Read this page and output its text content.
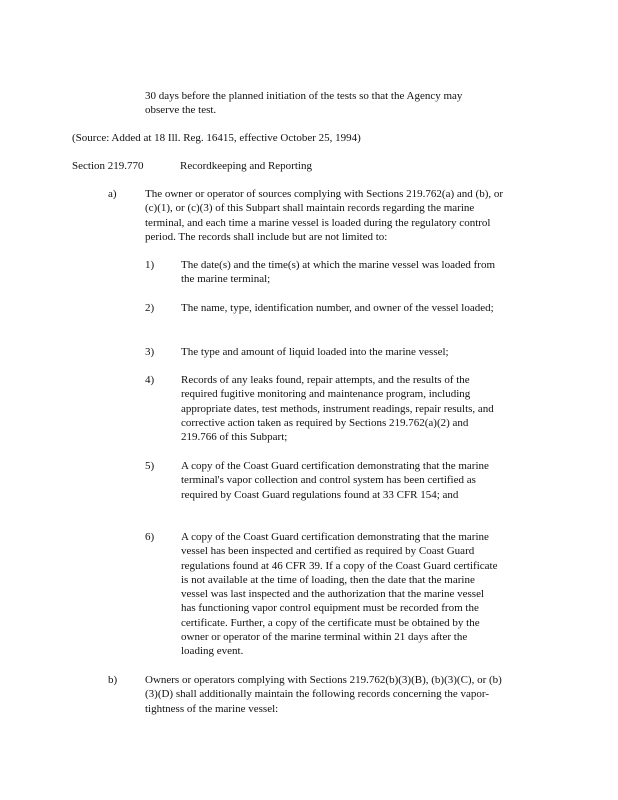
30 days before the planned initiation of the tests so that the Agency may observe the test.

(Source: Added at 18 Ill. Reg. 16415, effective October 25, 1994)

Section 219.770	Recordkeeping and Reporting
a)	The owner or operator of sources complying with Sections 219.762(a) and (b), or (c)(1), or (c)(3) of this Subpart shall maintain records regarding the marine terminal, and each time a marine vessel is loaded during the regulatory control period. The records shall include but are not limited to:

1) The date(s) and the time(s) at which the marine vessel was loaded from the marine terminal;

2) The name, type, identification number, and owner of the vessel loaded;

3) The type and amount of liquid loaded into the marine vessel;

4) Records of any leaks found, repair attempts, and the results of the required fugitive monitoring and maintenance program, including appropriate dates, test methods, instrument readings, repair results, and corrective action taken as required by Sections 219.762(a)(2) and 219.766 of this Subpart;

5) A copy of the Coast Guard certification demonstrating that the marine terminal's vapor collection and control system has been certified as required by Coast Guard regulations found at 33 CFR 154; and

6) A copy of the Coast Guard certification demonstrating that the marine vessel has been inspected and certified as required by Coast Guard regulations found at 46 CFR 39. If a copy of the Coast Guard certificate is not available at the time of loading, then the date that the marine vessel was last inspected and the authorization that the marine vessel has functioning vapor control equipment must be recorded from the certificate. Further, a copy of the certificate must be obtained by the owner or operator of the marine terminal within 21 days after the loading event.

b)	Owners or operators complying with Sections 219.762(b)(3)(B), (b)(3)(C), or (b)(3)(D) shall additionally maintain the following records concerning the vapor-tightness of the marine vessel:
